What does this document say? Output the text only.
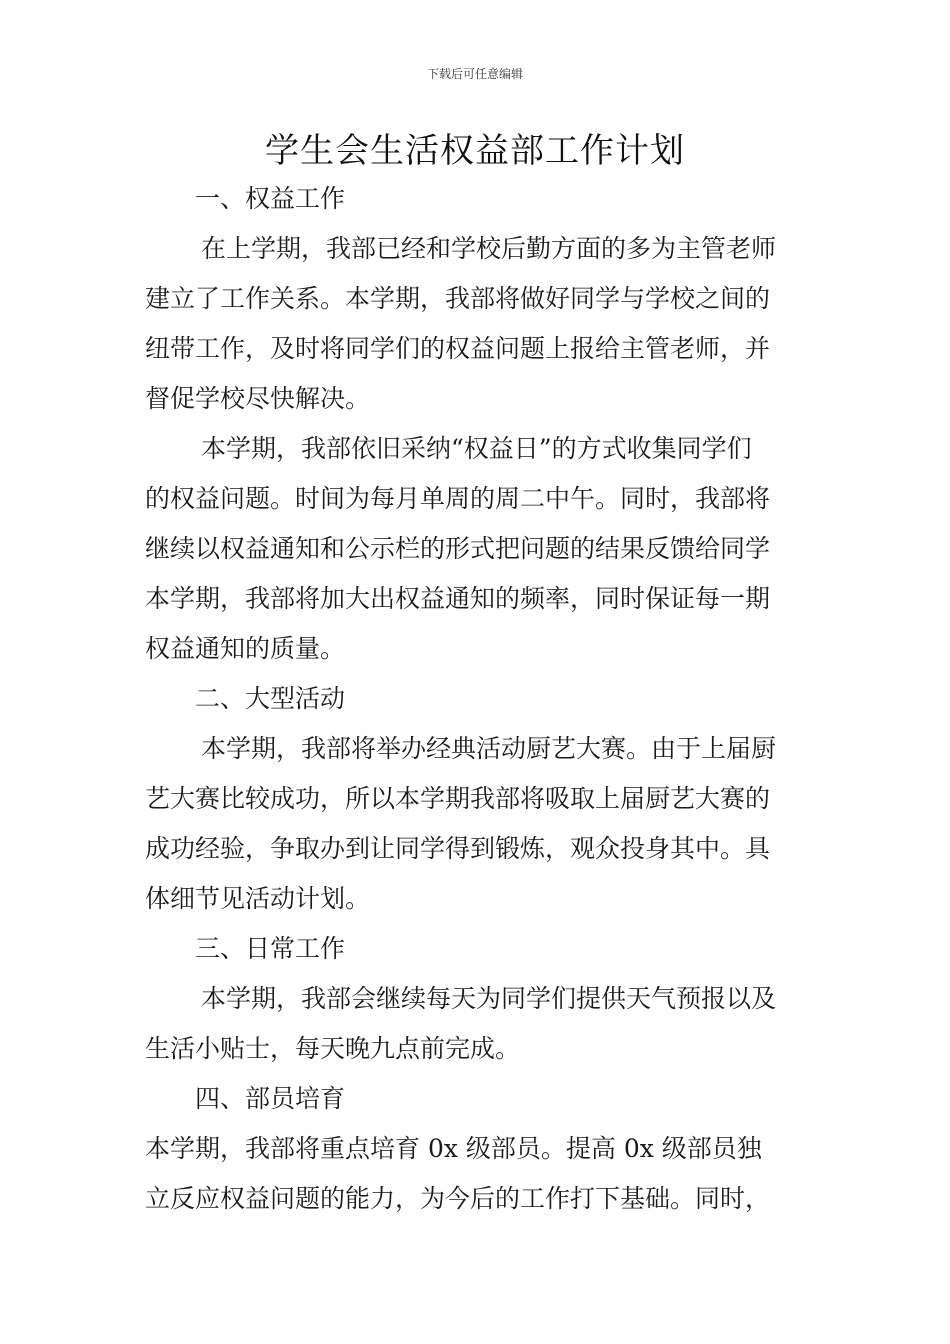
下载后可任意编辑
学生会生活权益部工作计划
一、权益工作
在上学期，我部已经和学校后勤方面的多为主管老师
建立了工作关系。本学期，我部将做好同学与学校之间的
纽带工作，及时将同学们的权益问题上报给主管老师，并
督促学校尽快解决。
本学期，我部依旧采纳“权益日”的方式收集同学们
的权益问题。时间为每月单周的周二中午。同时，我部将
继续以权益通知和公示栏的形式把问题的结果反馈给同学
本学期，我部将加大出权益通知的频率，同时保证每一期
权益通知的质量。
二、大型活动
本学期，我部将举办经典活动厨艺大赛。由于上届厨
艺大赛比较成功，所以本学期我部将吸取上届厨艺大赛的
成功经验，争取办到让同学得到锻炼，观众投身其中。具
体细节见活动计划。
三、日常工作
本学期，我部会继续每天为同学们提供天气预报以及
生活小贴士，每天晚九点前完成。
四、部员培育
本学期，我部将重点培育 0x 级部员。提高 0x 级部员独
立反应权益问题的能力，为今后的工作打下基础。同时，
